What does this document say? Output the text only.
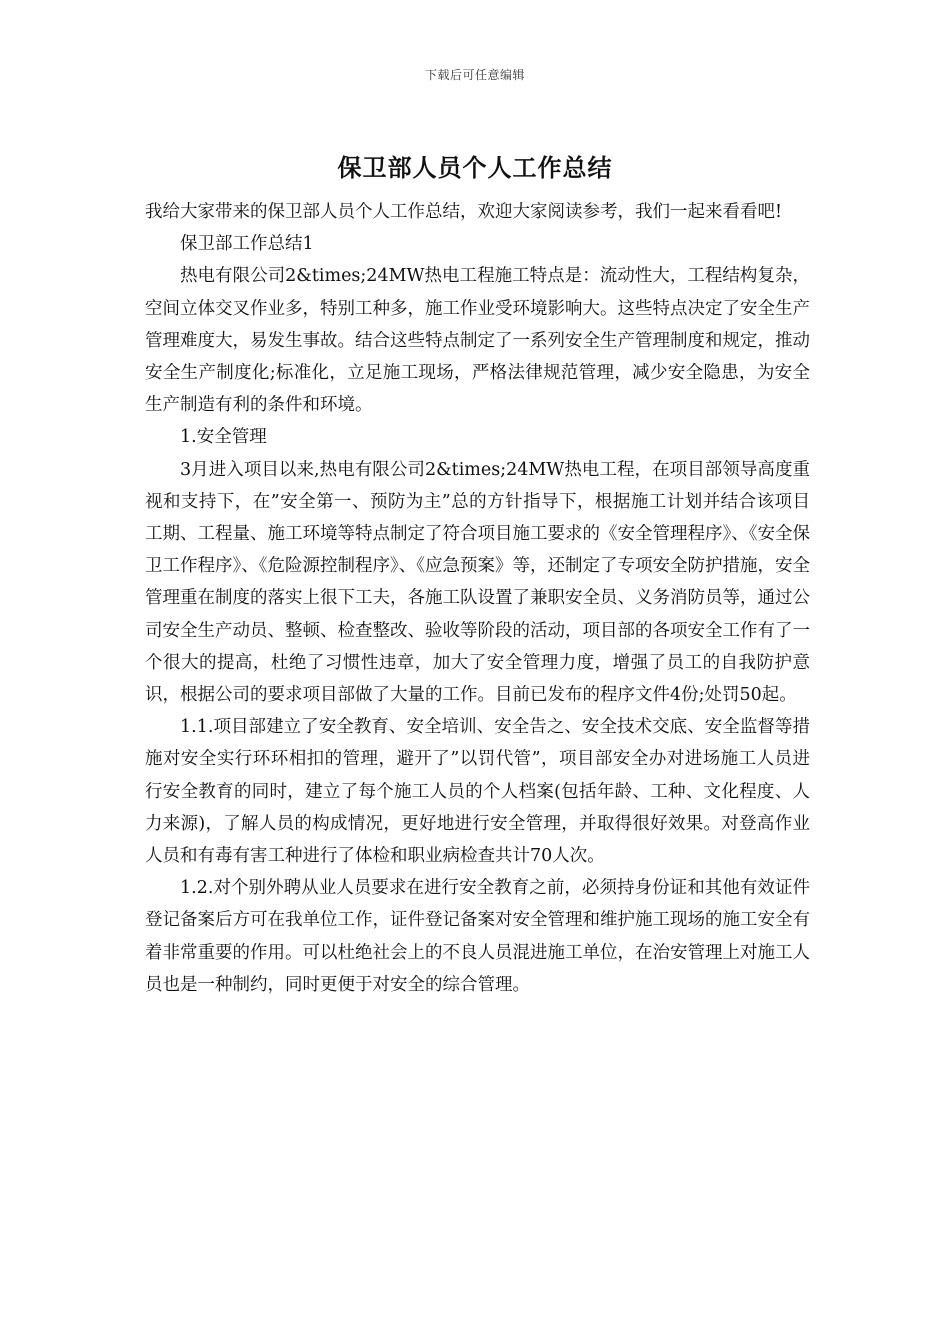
下载后可任意编辑
保卫部人员个人工作总结

我给大家带来的保卫部人员个人工作总结，欢迎大家阅读参考，我们一起来看看吧!

保卫部工作总结1

热电有限公司2&times;24MW热电工程施工特点是：流动性大，工程结构复杂，空间立体交叉作业多，特别工种多，施工作业受环境影响大。这些特点决定了安全生产管理难度大，易发生事故。结合这些特点制定了一系列安全生产管理制度和规定，推动安全生产制度化;标准化，立足施工现场，严格法律规范管理，减少安全隐患，为安全生产制造有利的条件和环境。

1.安全管理

3月进入项目以来,热电有限公司2&times;24MW热电工程，在项目部领导高度重视和支持下，在”安全第一、预防为主”总的方针指导下，根据施工计划并结合该项目工期、工程量、施工环境等特点制定了符合项目施工要求的《安全管理程序》、《安全保卫工作程序》、《危险源控制程序》、《应急预案》等，还制定了专项安全防护措施，安全管理重在制度的落实上很下工夫，各施工队设置了兼职安全员、义务消防员等，通过公司安全生产动员、整顿、检查整改、验收等阶段的活动，项目部的各项安全工作有了一个很大的提高，杜绝了习惯性违章，加大了安全管理力度，增强了员工的自我防护意识，根据公司的要求项目部做了大量的工作。目前已发布的程序文件4份;处罚50起。

1.1.项目部建立了安全教育、安全培训、安全告之、安全技术交底、安全监督等措施对安全实行环环相扣的管理，避开了”以罚代管”，项目部安全办对进场施工人员进行安全教育的同时，建立了每个施工人员的个人档案(包括年龄、工种、文化程度、人力来源)，了解人员的构成情况，更好地进行安全管理，并取得很好效果。对登高作业人员和有毒有害工种进行了体检和职业病检查共计70人次。

1.2.对个别外聘从业人员要求在进行安全教育之前，必须持身份证和其他有效证件登记备案后方可在我单位工作，证件登记备案对安全管理和维护施工现场的施工安全有着非常重要的作用。可以杜绝社会上的不良人员混进施工单位，在治安管理上对施工人员也是一种制约，同时更便于对安全的综合管理。
